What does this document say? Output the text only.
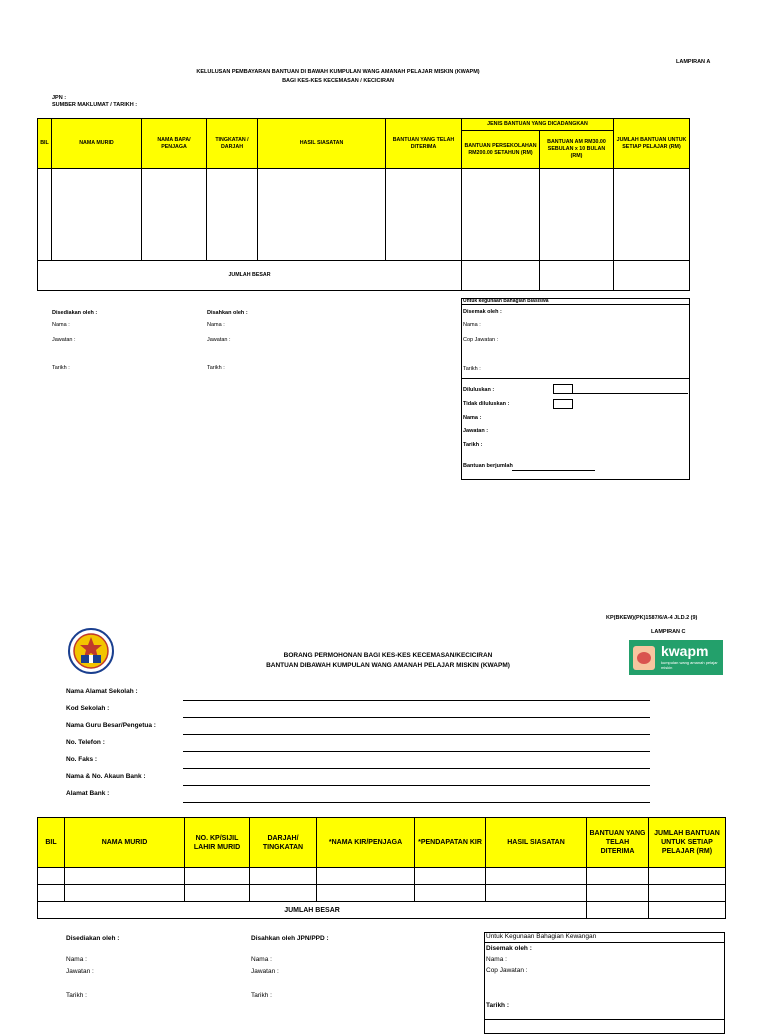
LAMPIRAN A
KELULUSAN PEMBAYARAN BANTUAN DI BAWAH KUMPULAN WANG AMANAH PELAJAR MISKIN (KWAPM)
BAGI KES-KES KECEMASAN / KECICIRAN
JPN :
SUMBER MAKLUMAT / TARIKH :
BIL	NAMA MURID	NAMA BAPA/ PENJAGA	TINGKATAN / DARJAH	HASIL SIASATAN	BANTUAN YANG TELAH DITERIMA	JENIS BANTUAN YANG DICADANGKAN		JUMLAH BANTUAN UNTUK SETIAP PELAJAR (RM)
						BANTUAN PERSEKOLAHAN RM200.00 SETAHUN (RM)	BANTUAN AM RM30.00 SEBULAN x 10 BULAN (RM)	

JUMLAH BESAR								
Disediakan oleh :
Nama :
Jawatan :
Tarikh :
Disahkan oleh :
Nama :
Jawatan :
Tarikh :
Untuk kegunaan Bahagian Biasiswa
Disemak oleh :
Nama :
Cop Jawatan :
Tarikh :
Diluluskan :
Tidak diluluskan :
Nama :
Jawatan :
Tarikh :
Bantuan berjumlah
KP(BKEW)(PK)1587/6/A-4 JLD.2 (9)
LAMPIRAN C
kwapm
kumpulan wang amanah pelajar miskin
BORANG PERMOHONAN BAGI KES-KES KECEMASAN/KECICIRAN
BANTUAN DIBAWAH KUMPULAN WANG AMANAH PELAJAR MISKIN (KWAPM)
Nama Alamat Sekolah :
Kod Sekolah :
Nama Guru Besar/Pengetua :
No. Telefon :
No. Faks :
Nama & No. Akaun Bank :
Alamat Bank :
BIL	NAMA MURID	NO. KP/SIJIL LAHIR MURID	DARJAH/ TINGKATAN	*NAMA KIR/PENJAGA	*PENDAPATAN KIR	HASIL SIASATAN	BANTUAN YANG TELAH DITERIMA	JUMLAH BANTUAN UNTUK SETIAP PELAJAR (RM)

JUMLAH BESAR								
Disediakan oleh :
Nama :
Jawatan :
Tarikh :
Disahkan oleh JPN/PPD :
Nama :
Jawatan :
Tarikh :
Untuk Kegunaan Bahagian Kewangan
Disemak oleh :
Nama :
Cop Jawatan :
Tarikh :
